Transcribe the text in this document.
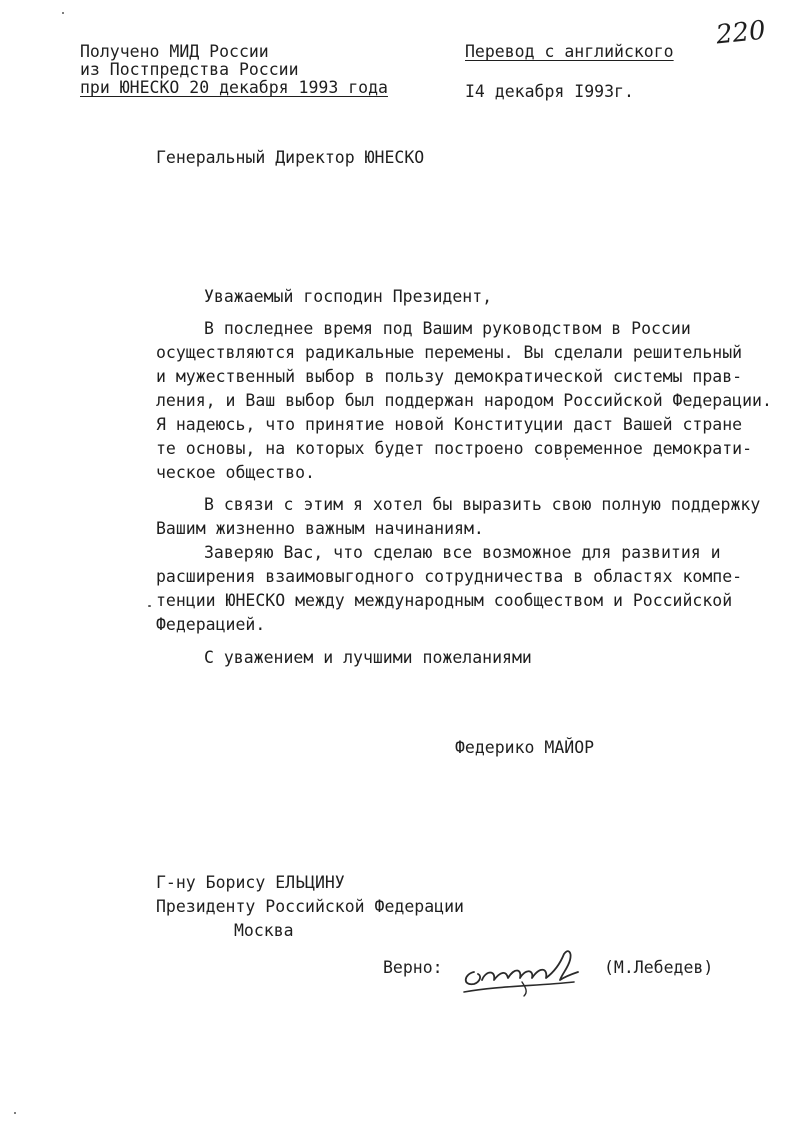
Получено МИД России
из Постпредства России
при ЮНЕСКО 20 декабря 1993 года
Перевод с английского
I4 декабря I993г.
220
Генеральный Директор ЮНЕСКО
Уважаемый господин Президент,
В последнее время под Вашим руководством в России
осуществляются радикальные перемены. Вы сделали решительный
и мужественный выбор в пользу демократической системы прав-
ления, и Ваш выбор был поддержан народом Российской Федерации.
Я надеюсь, что принятие новой Конституции даст Вашей стране
те основы, на которых будет построено современное демократи-
ческое общество.
В связи с этим я хотел бы выразить свою полную поддержку
Вашим жизненно важным начинаниям.
Заверяю Вас, что сделаю все возможное для развития и
расширения взаимовыгодного сотрудничества в областях компе-
тенции ЮНЕСКО между международным сообществом и Российской
Федерацией.
С уважением и лучшими пожеланиями
Федерико МАЙОР
Г-ну Борису ЕЛЬЦИНУ
Президенту Российской Федерации
Москва
Верно:	(М.Лебедев)
